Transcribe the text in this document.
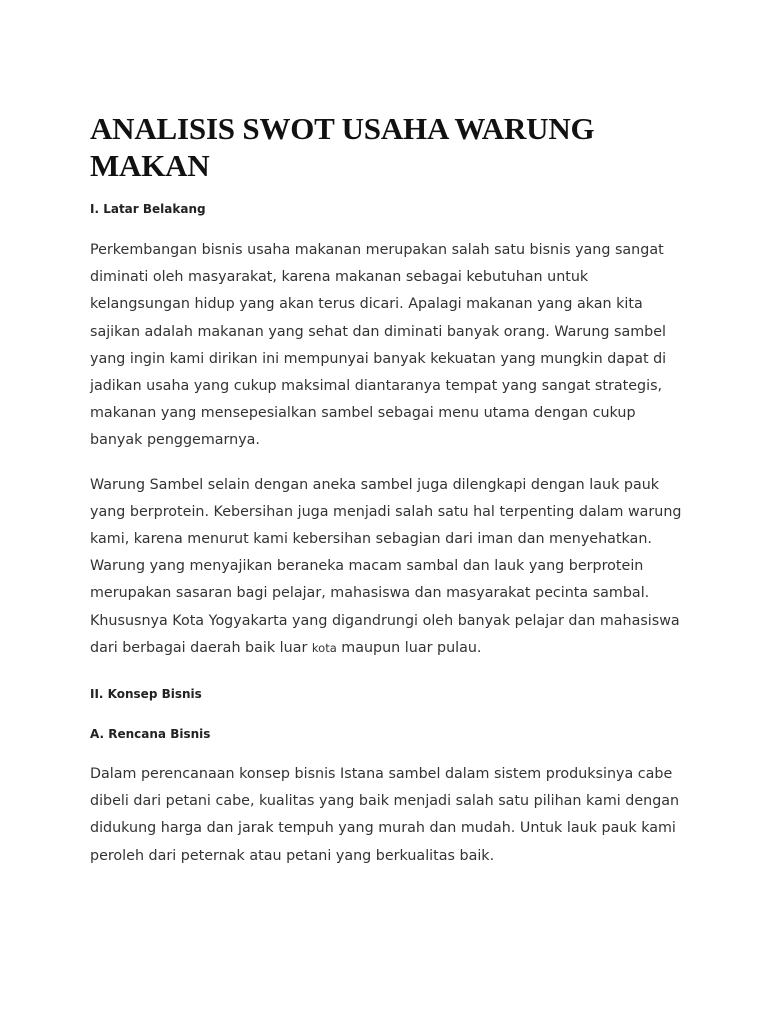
ANALISIS SWOT USAHA WARUNG MAKAN
I. Latar Belakang

Perkembangan bisnis usaha makanan merupakan salah satu bisnis yang sangat diminati oleh masyarakat, karena makanan sebagai kebutuhan untuk kelangsungan hidup yang akan terus dicari. Apalagi makanan yang akan kita sajikan adalah makanan yang sehat dan diminati banyak orang. Warung sambel yang ingin kami dirikan ini mempunyai banyak kekuatan yang mungkin dapat di jadikan usaha yang cukup maksimal diantaranya tempat yang sangat strategis, makanan yang mensepesialkan sambel sebagai menu utama dengan cukup banyak penggemarnya.

Warung Sambel selain dengan aneka sambel juga dilengkapi dengan lauk pauk yang berprotein. Kebersihan juga menjadi salah satu hal terpenting dalam warung kami, karena menurut kami kebersihan sebagian dari iman dan menyehatkan. Warung yang menyajikan beraneka macam sambal dan lauk yang berprotein merupakan sasaran bagi pelajar, mahasiswa dan masyarakat pecinta sambal. Khususnya Kota Yogyakarta yang digandrungi oleh banyak pelajar dan mahasiswa dari berbagai daerah baik luar kota maupun luar pulau.

II. Konsep Bisnis
A. Rencana Bisnis

Dalam perencanaan konsep bisnis Istana sambel dalam sistem produksinya cabe dibeli dari petani cabe, kualitas yang baik menjadi salah satu pilihan kami dengan didukung harga dan jarak tempuh yang murah dan mudah. Untuk lauk pauk kami peroleh dari peternak atau petani yang berkualitas baik.
